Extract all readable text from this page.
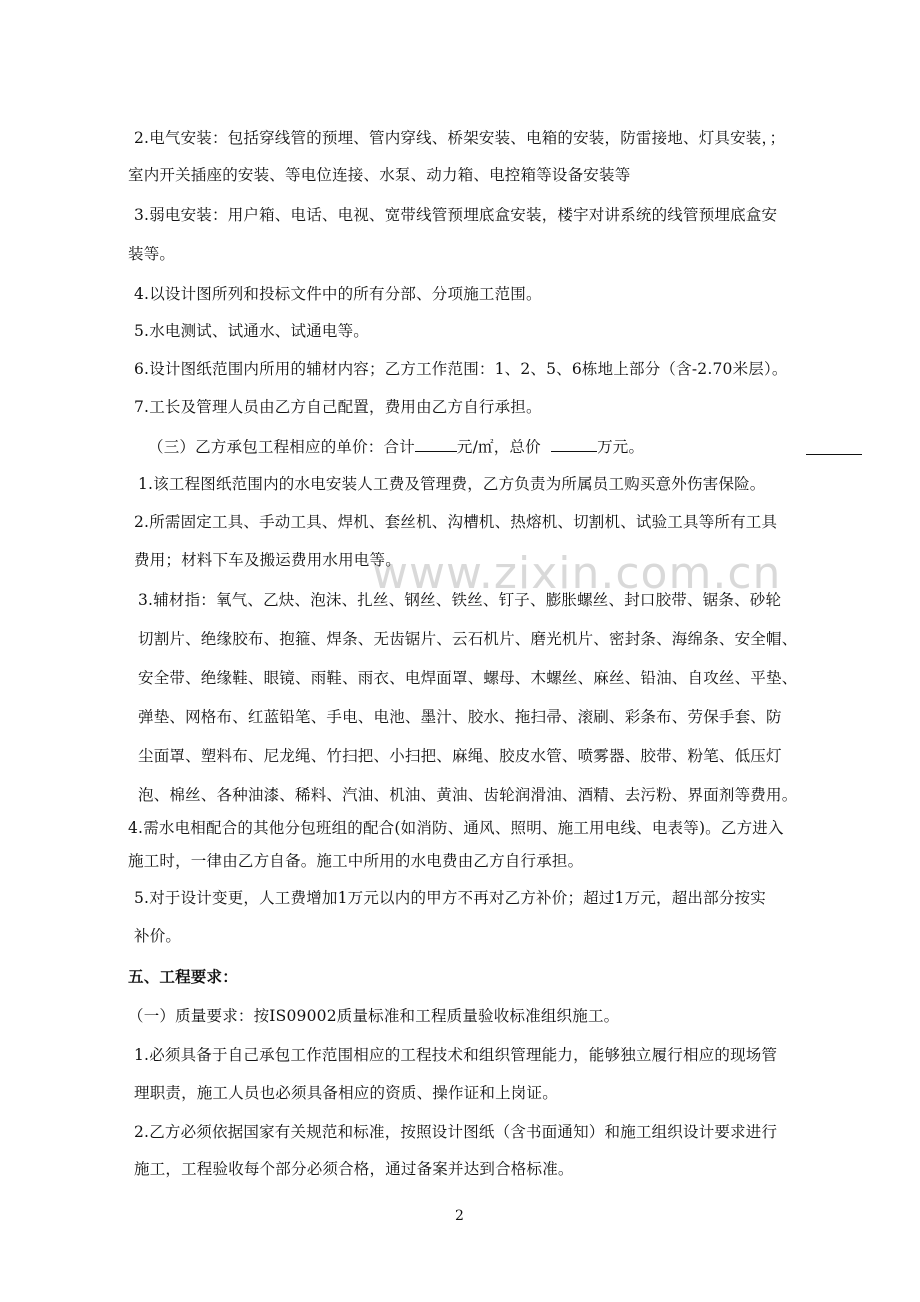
www.zixin.com.cn
2.电气安装：包括穿线管的预埋、管内穿线、桥架安装、电箱的安装，防雷接地、灯具安装，；
室内开关插座的安装、等电位连接、水泵、动力箱、电控箱等设备安装等
3.弱电安装：用户箱、电话、电视、宽带线管预埋底盒安装，楼宇对讲系统的线管预埋底盒安
装等。
4.以设计图所列和投标文件中的所有分部、分项施工范围。
5.水电测试、试通水、试通电等。
6.设计图纸范围内所用的辅材内容；乙方工作范围：1、2、5、6栋地上部分（含-2.70米层）。
7.工长及管理人员由乙方自己配置，费用由乙方自行承担。
（三）乙方承包工程相应的单价：合计	元/㎡，总价	万元。
1.该工程图纸范围内的水电安装人工费及管理费，乙方负责为所属员工购买意外伤害保险。
2.所需固定工具、手动工具、焊机、套丝机、沟槽机、热熔机、切割机、试验工具等所有工具
费用；材料下车及搬运费用水用电等。
3.辅材指：氧气、乙炔、泡沫、扎丝、钢丝、铁丝、钉子、膨胀螺丝、封口胶带、锯条、砂轮
切割片、绝缘胶布、抱箍、焊条、无齿锯片、云石机片、磨光机片、密封条、海绵条、安全帽、
安全带、绝缘鞋、眼镜、雨鞋、雨衣、电焊面罩、螺母、木螺丝、麻丝、铅油、自攻丝、平垫、
弹垫、网格布、红蓝铅笔、手电、电池、墨汁、胶水、拖扫帚、滚刷、彩条布、劳保手套、防
尘面罩、塑料布、尼龙绳、竹扫把、小扫把、麻绳、胶皮水管、喷雾器、胶带、粉笔、低压灯
泡、棉丝、各种油漆、稀料、汽油、机油、黄油、齿轮润滑油、酒精、去污粉、界面剂等费用。
4.需水电相配合的其他分包班组的配合(如消防、通风、照明、施工用电线、电表等)。乙方进入
施工时，一律由乙方自备。施工中所用的水电费由乙方自行承担。
5.对于设计变更，人工费增加1万元以内的甲方不再对乙方补价；超过1万元，超出部分按实
补价。
五、工程要求：
（一）质量要求：按IS09002质量标准和工程质量验收标准组织施工。
1.必须具备于自己承包工作范围相应的工程技术和组织管理能力，能够独立履行相应的现场管
理职责，施工人员也必须具备相应的资质、操作证和上岗证。
2.乙方必须依据国家有关规范和标准，按照设计图纸（含书面通知）和施工组织设计要求进行
施工，工程验收每个部分必须合格，通过备案并达到合格标准。
2
